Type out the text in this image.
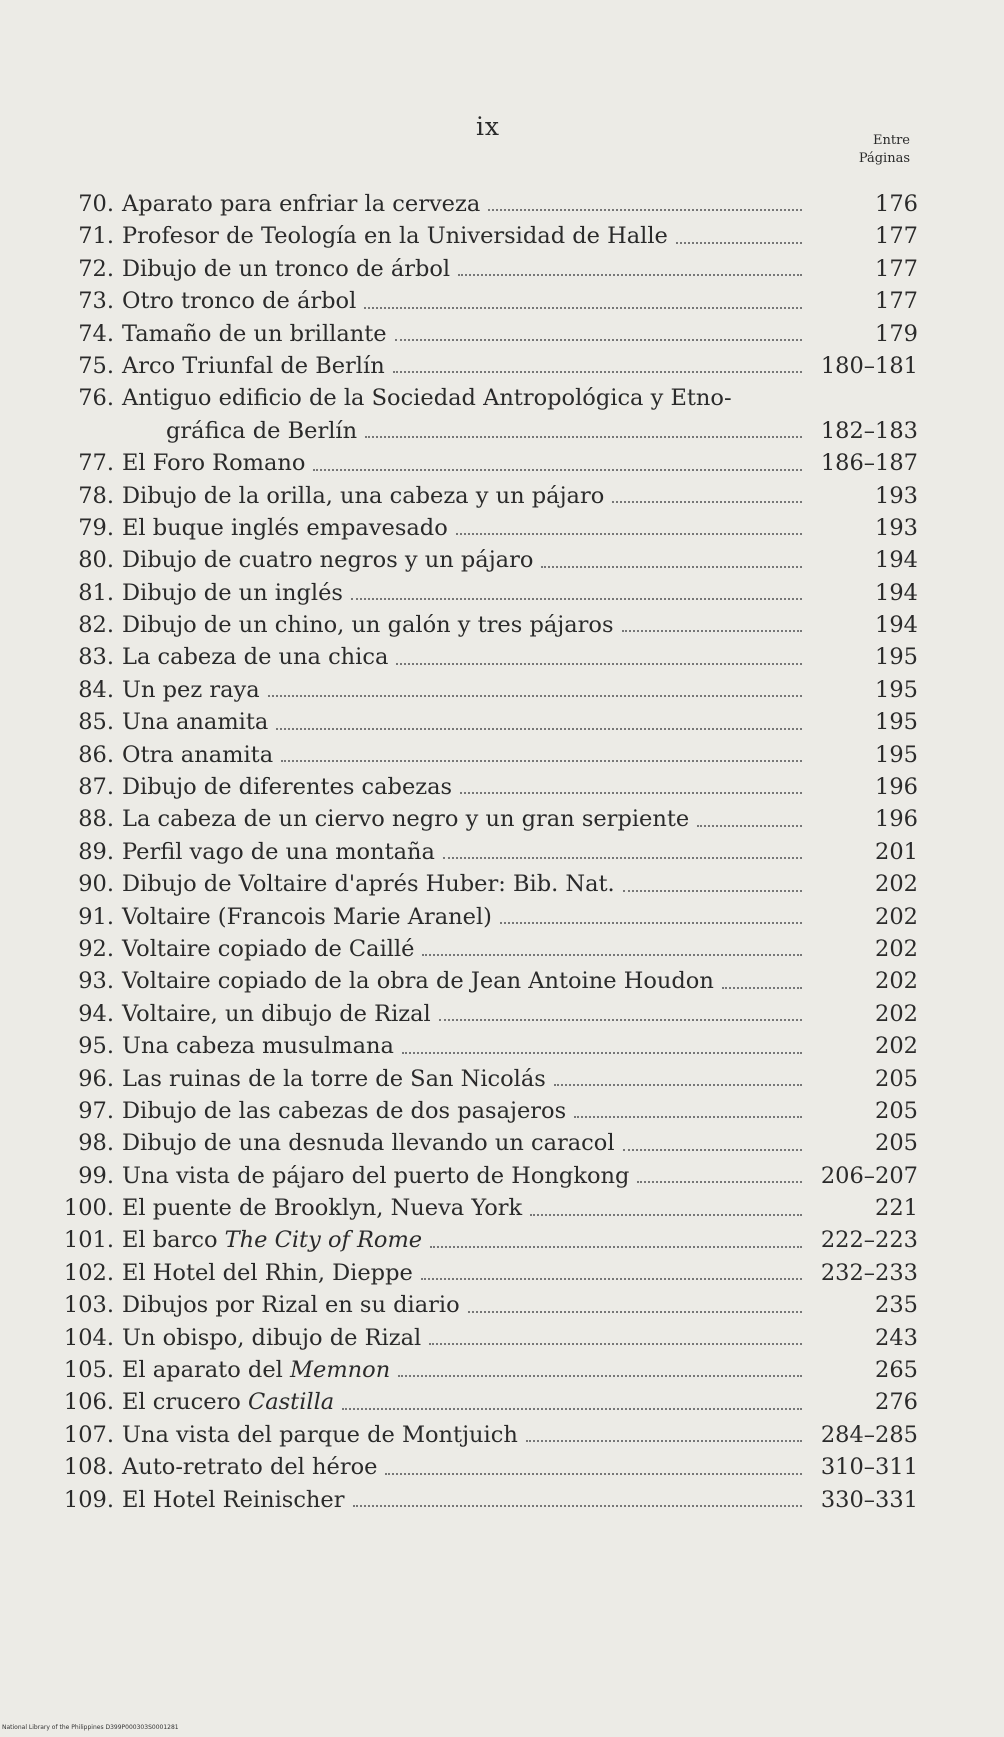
ix	Entre
Páginas
70. Aparato para enfriar la cerveza	176
71. Profesor de Teología en la Universidad de Halle	177
72. Dibujo de un tronco de árbol	177
73. Otro tronco de árbol	177
74. Tamaño de un brillante	179
75. Arco Triunfal de Berlín	180–181
76. Antiguo edificio de la Sociedad Antropológica y Etno-
gráfica de Berlín	182–183
77. El Foro Romano	186–187
78. Dibujo de la orilla, una cabeza y un pájaro	193
79. El buque inglés empavesado	193
80. Dibujo de cuatro negros y un pájaro	194
81. Dibujo de un inglés	194
82. Dibujo de un chino, un galón y tres pájaros	194
83. La cabeza de una chica	195
84. Un pez raya	195
85. Una anamita	195
86. Otra anamita	195
87. Dibujo de diferentes cabezas	196
88. La cabeza de un ciervo negro y un gran serpiente	196
89. Perfil vago de una montaña	201
90. Dibujo de Voltaire d'aprés Huber: Bib. Nat.	202
91. Voltaire (Francois Marie Aranel)	202
92. Voltaire copiado de Caillé	202
93. Voltaire copiado de la obra de Jean Antoine Houdon	202
94. Voltaire, un dibujo de Rizal	202
95. Una cabeza musulmana	202
96. Las ruinas de la torre de San Nicolás	205
97. Dibujo de las cabezas de dos pasajeros	205
98. Dibujo de una desnuda llevando un caracol	205
99. Una vista de pájaro del puerto de Hongkong	206–207
100. El puente de Brooklyn, Nueva York	221
101. El barco The City of Rome	222–223
102. El Hotel del Rhin, Dieppe	232–233
103. Dibujos por Rizal en su diario	235
104. Un obispo, dibujo de Rizal	243
105. El aparato del Memnon	265
106. El crucero Castilla	276
107. Una vista del parque de Montjuich	284–285
108. Auto-retrato del héroe	310–311
109. El Hotel Reinischer	330–331
National Library of the Philippines D399P000303S0001281
